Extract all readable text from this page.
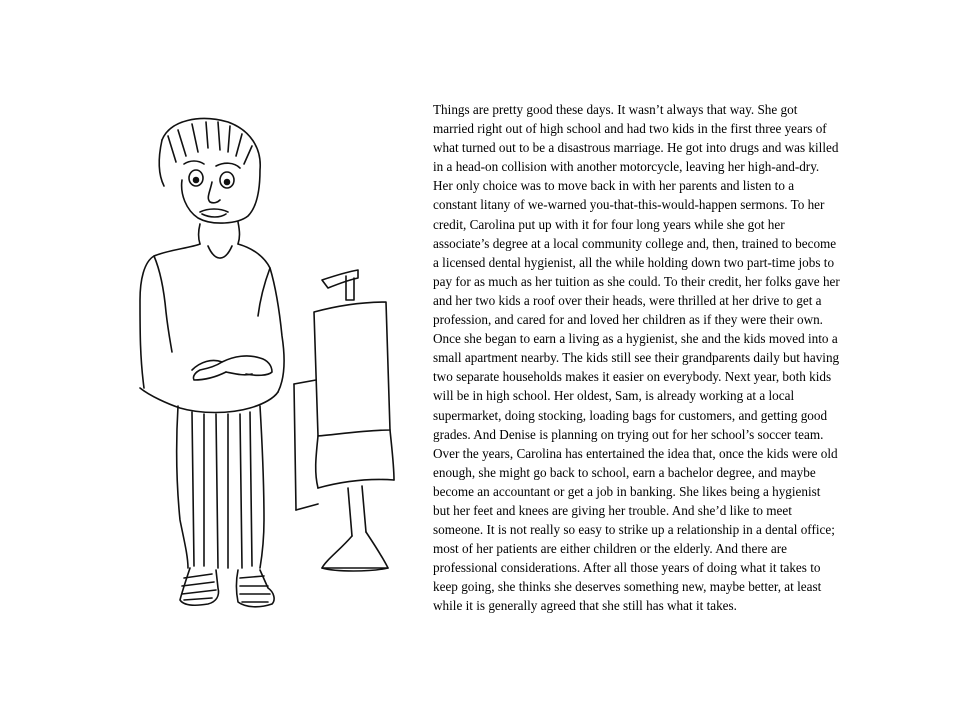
Things are pretty good these days. It wasn’t always that way. She got
married right out of high school and had two kids in the first three years of
what turned out to be a disastrous marriage. He got into drugs and was killed
in a head-on collision with another motorcycle, leaving her high-and-dry.
Her only choice was to move back in with her parents and listen to a
constant litany of we-warned you-that-this-would-happen sermons. To her
credit, Carolina put up with it for four long years while she got her
associate’s degree at a local community college and, then, trained to become
a licensed dental hygienist, all the while holding down two part-time jobs to
pay for as much as her tuition as she could. To their credit, her folks gave her
and her two kids a roof over their heads, were thrilled at her drive to get a
profession, and cared for and loved her children as if they were their own.
Once she began to earn a living as a hygienist, she and the kids moved into a
small apartment nearby. The kids still see their grandparents daily but having
two separate households makes it easier on everybody. Next year, both kids
will be in high school. Her oldest, Sam, is already working at a local
supermarket, doing stocking, loading bags for customers, and getting good
grades. And Denise is planning on trying out for her school’s soccer team.
Over the years, Carolina has entertained the idea that, once the kids were old
enough, she might go back to school, earn a bachelor degree, and maybe
become an accountant or get a job in banking. She likes being a hygienist
but her feet and knees are giving her trouble. And she’d like to meet
someone. It is not really so easy to strike up a relationship in a dental office;
most of her patients are either children or the elderly. And there are
professional considerations. After all those years of doing what it takes to
keep going, she thinks she deserves something new, maybe better, at least
while it is generally agreed that she still has what it takes.
